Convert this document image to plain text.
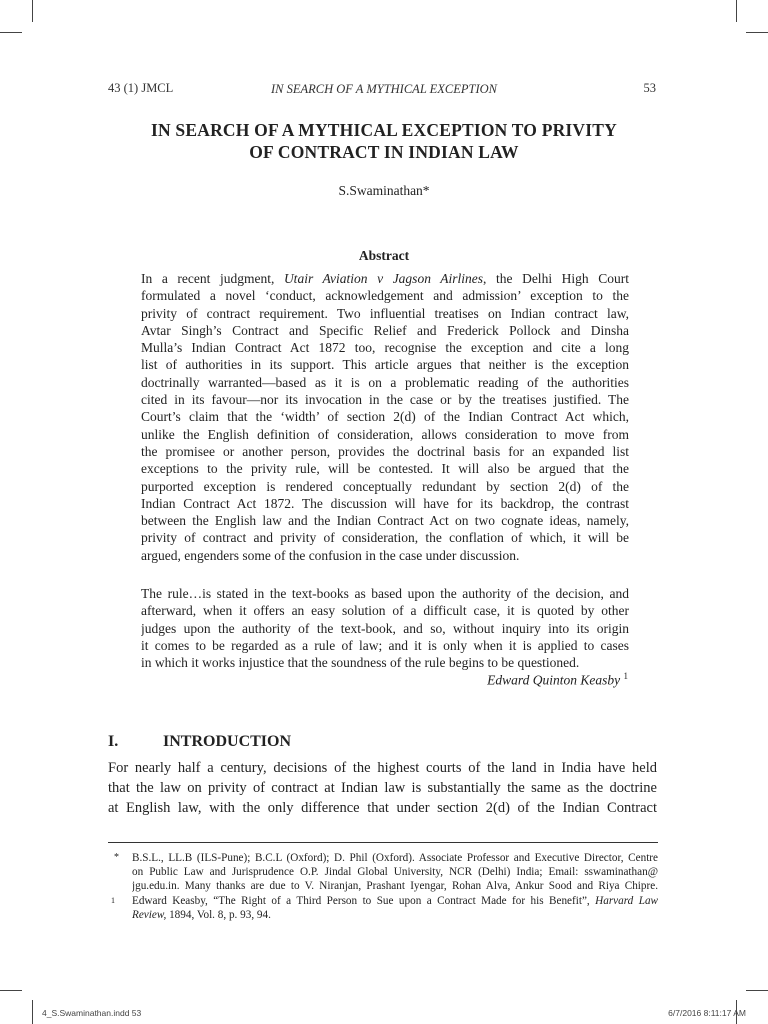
43 (1) JMCL	IN SEARCH OF A MYTHICAL EXCEPTION	53
IN SEARCH OF A MYTHICAL EXCEPTION TO PRIVITY
OF CONTRACT IN INDIAN LAW
S.Swaminathan*
Abstract
In a recent judgment, Utair Aviation v Jagson Airlines, the Delhi High Court
formulated a novel ‘conduct, acknowledgement and admission’ exception to the
privity of contract requirement. Two influential treatises on Indian contract law,
Avtar Singh’s Contract and Specific Relief and Frederick Pollock and Dinsha
Mulla’s Indian Contract Act 1872 too, recognise the exception and cite a long
list of authorities in its support. This article argues that neither is the exception
doctrinally warranted—based as it is on a problematic reading of the authorities
cited in its favour—nor its invocation in the case or by the treatises justified. The
Court’s claim that the ‘width’ of section 2(d) of the Indian Contract Act which,
unlike the English definition of consideration, allows consideration to move from
the promisee or another person, provides the doctrinal basis for an expanded list
exceptions to the privity rule, will be contested. It will also be argued that the
purported exception is rendered conceptually redundant by section 2(d) of the
Indian Contract Act 1872. The discussion will have for its backdrop, the contrast
between the English law and the Indian Contract Act on two cognate ideas, namely,
privity of contract and privity of consideration, the conflation of which, it will be
argued, engenders some of the confusion in the case under discussion.
The rule…is stated in the text-books as based upon the authority of the decision, and
afterward, when it offers an easy solution of a difficult case, it is quoted by other
judges upon the authority of the text-book, and so, without inquiry into its origin
it comes to be regarded as a rule of law; and it is only when it is applied to cases
in which it works injustice that the soundness of the rule begins to be questioned.
Edward Quinton Keasby $^1$
I.	INTRODUCTION
For nearly half a century, decisions of the highest courts of the land in India have held
that the law on privity of contract at Indian law is substantially the same as the doctrine
at English law, with the only difference that under section 2(d) of the Indian Contract
* B.S.L., LL.B (ILS-Pune); B.C.L (Oxford); D. Phil (Oxford). Associate Professor and Executive Director, Centre
on Public Law and Jurisprudence O.P. Jindal Global University, NCR (Delhi) India; Email: sswaminathan@
jgu.edu.in. Many thanks are due to V. Niranjan, Prashant Iyengar, Rohan Alva, Ankur Sood and Riya Chipre.
1 Edward Keasby, “The Right of a Third Person to Sue upon a Contract Made for his Benefit”, Harvard Law
Review, 1894, Vol. 8, p. 93, 94.
4_S.Swaminathan.indd 53	6/7/2016 8:11:17 AM
